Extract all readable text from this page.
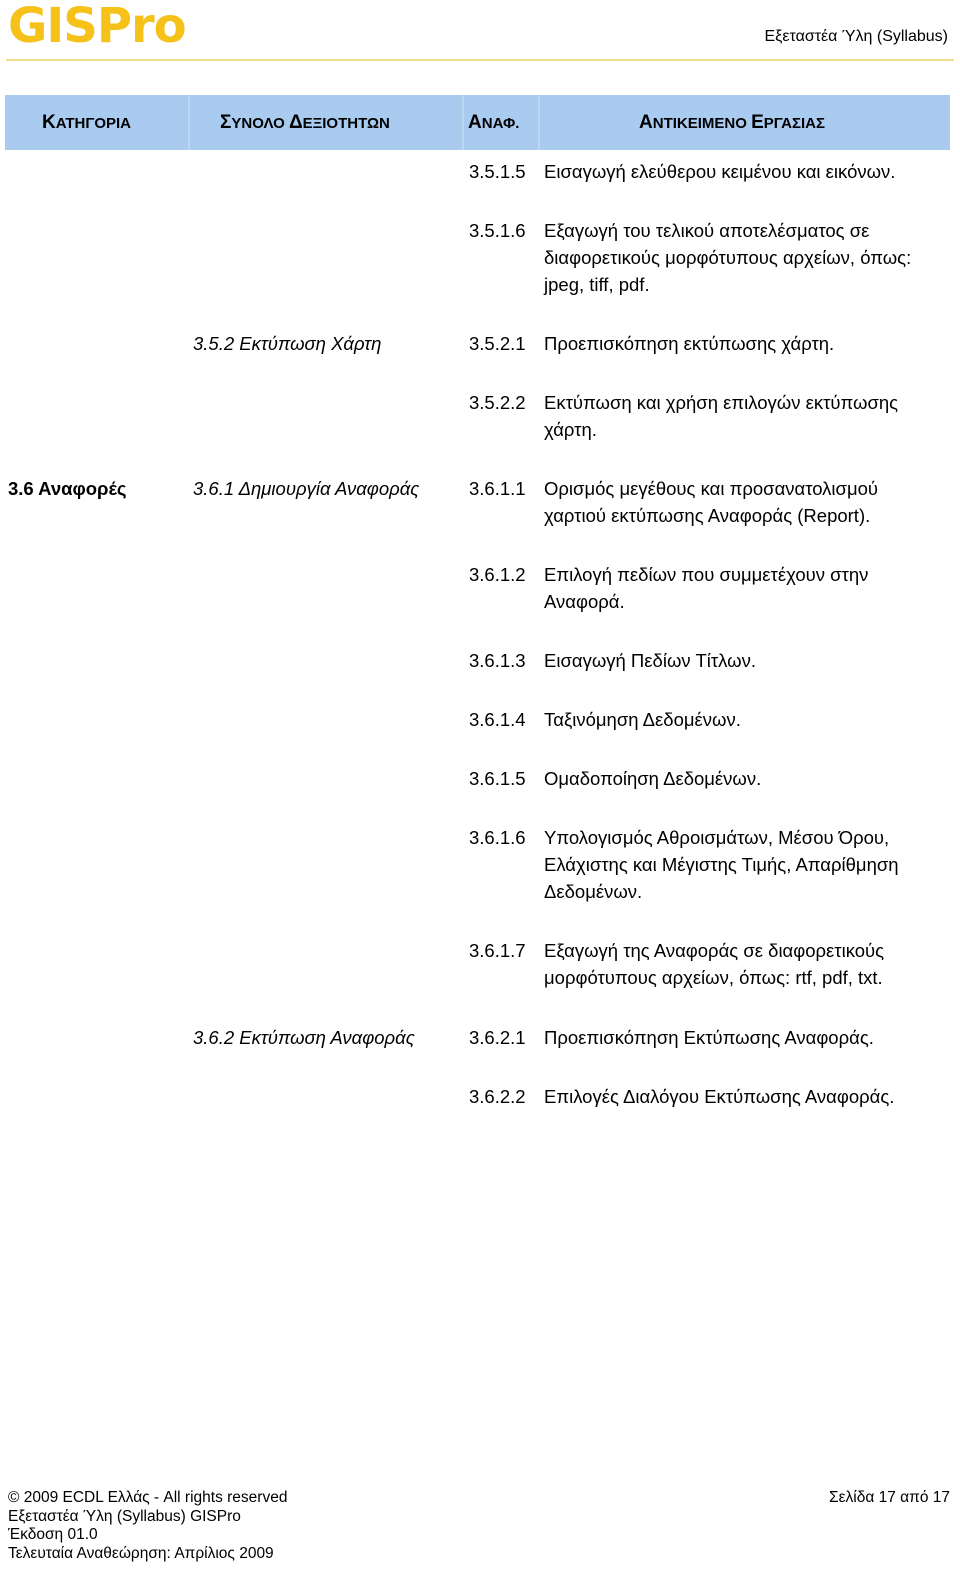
GISPro	Εξεταστέα Ύλη (Syllabus)
ΚΑΤΗΓΟΡΙΑ	ΣΥΝΟΛΟ ΔΕΞΙΟΤΗΤΩΝ	ΑΝΑΦ.	ΑΝΤΙΚΕΙΜΕΝΟ ΕΡΓΑΣΙΑΣ
3.5.1.5 Εισαγωγή ελεύθερου κειμένου και εικόνων.
3.5.1.6 Εξαγωγή του τελικού αποτελέσματος σε
διαφορετικούς μορφότυπους αρχείων, όπως:
jpeg, tiff, pdf.
3.5.2 Εκτύπωση Χάρτη	3.5.2.1 Προεπισκόπηση εκτύπωσης χάρτη.
3.5.2.2 Εκτύπωση και χρήση επιλογών εκτύπωσης
χάρτη.
3.6 Αναφορές	3.6.1 Δημιουργία Αναφοράς	3.6.1.1 Ορισμός μεγέθους και προσανατολισμού
χαρτιού εκτύπωσης Αναφοράς (Report).
3.6.1.2 Επιλογή πεδίων που συμμετέχουν στην
Αναφορά.
3.6.1.3 Εισαγωγή Πεδίων Τίτλων.
3.6.1.4 Ταξινόμηση Δεδομένων.
3.6.1.5 Ομαδοποίηση Δεδομένων.
3.6.1.6 Υπολογισμός Αθροισμάτων, Μέσου Όρου,
Ελάχιστης και Μέγιστης Τιμής, Απαρίθμηση
Δεδομένων.
3.6.1.7 Εξαγωγή της Αναφοράς σε διαφορετικούς
μορφότυπους αρχείων, όπως: rtf, pdf, txt.
3.6.2 Εκτύπωση Αναφοράς	3.6.2.1 Προεπισκόπηση Εκτύπωσης Αναφοράς.
3.6.2.2 Επιλογές Διαλόγου Εκτύπωσης Αναφοράς.
© 2009 ECDL Ελλάς - All rights reserved
Εξεταστέα Ύλη (Syllabus) GISPro
Έκδοση 01.0
Τελευταία Αναθεώρηση: Απρίλιος 2009
Σελίδα 17 από 17
